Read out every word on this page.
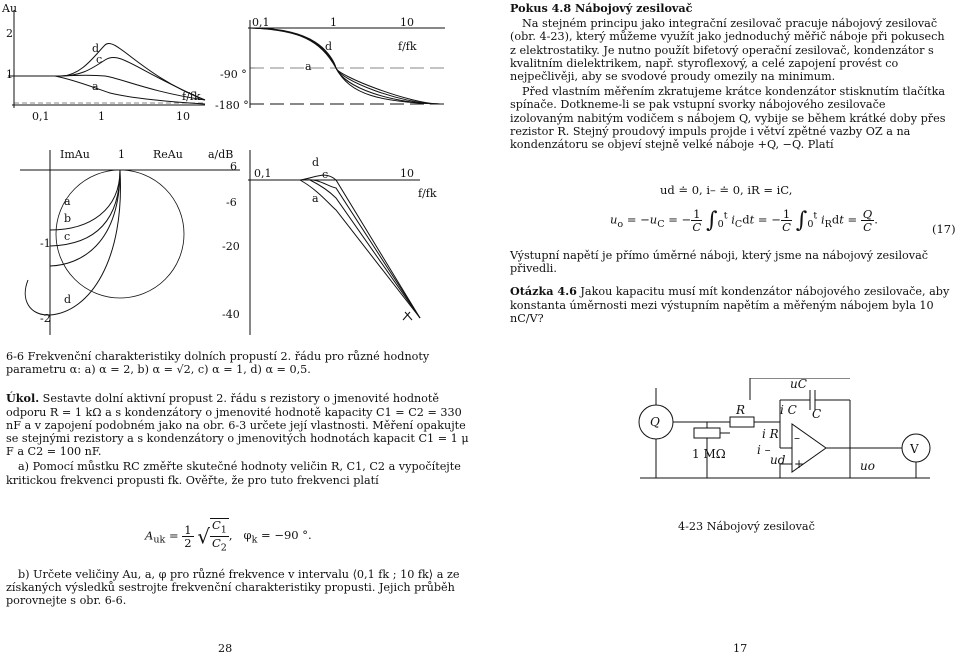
Au
2
1
0,1	1	10
d
c
a
f/fk
-90 °
-180 °
0,1	1	10
f/fk
d
a
ImAu	1	ReAu
a
b
c
d
-1
-2
a/dB
6
-6
-20
-40
0,1	10
d
c
a	f/fk

6-6 Frekvenční charakteristiky dolních propustí 2. řádu pro různé hodnoty parametru α: a) α = 2, b) α = √2, c) α = 1, d) α = 0,5.

Úkol. Sestavte dolní aktivní propust 2. řádu s rezistory o jmenovité hodnotě odporu R = 1 kΩ a s kondenzátory o jmenovité hodnotě kapacity C1 = C2 = 330 nF a v zapojení podobném jako na obr. 6-3 určete její vlastnosti. Měření opakujte se stejnými rezistory a s kondenzátory o jmenovitých hodnotách kapacit C1 = 1 μ F a C2 = 100 nF.

a) Pomocí můstku RC změřte skutečné hodnoty veličin R, C1, C2 a vypočítejte kritickou frekvenci propusti fk. Ověřte, že pro tuto frekvenci platí

$A_{uk} = \frac{1}{2}$ √ $\frac{C_1}{C_2}$ ,   $\varphi_k = -90$ °.

b) Určete veličiny Au, a, φ pro různé frekvence v intervalu ⟨0,1 fk ; 10 fk⟩ a ze získaných výsledků sestrojte frekvenční charakteristiky propusti. Jejich průběh porovnejte s obr. 6-6.

28

Pokus 4.8 Nábojový zesilovač

Na stejném principu jako integrační zesilovač pracuje nábojový zesilovač (obr. 4-23), který můžeme využít jako jednoduchý měřič náboje při pokusech z elektrostatiky. Je nutno použít bifetový operační zesilovač, kondenzátor s kvalitním dielektrikem, např. styroflexový, a celé zapojení provést co nejpečlivěji, aby se svodové proudy omezily na minimum.

Před vlastním měřením zkratujeme krátce kondenzátor stisknutím tlačítka spínače. Dotkneme-li se pak vstupní svorky nábojového zesilovače izolovaným nabitým vodičem s nábojem Q, vybije se během krátké doby přes rezistor R. Stejný proudový impuls projde i větví zpětné vazby OZ a na kondenzátoru se objeví stejně velké náboje +Q, −Q. Platí

ud ≐ 0, i– ≐ 0, iR = iC,
$u_o = -u_C$ = − $\frac{1}{C} \int_0^t$ $i_Cdt$ = − $\frac{1}{C} \int_0^t$ $i_Rdt = \frac{Q}{C}$ .
(17)

Výstupní napětí je přímo úměrné náboji, který jsme na nábojový zesilovač přivedli.

Otázka 4.6 Jakou kapacitu musí mít kondenzátor nábojového zesilovače, aby konstanta úměrnosti mezi výstupním napětím a měřeným nábojem byla 10 nC/V?

Q
R
1 MΩ
i R
i –
ud
C
i C
uC
–
+	uo
V
4-23 Nábojový zesilovač
17
